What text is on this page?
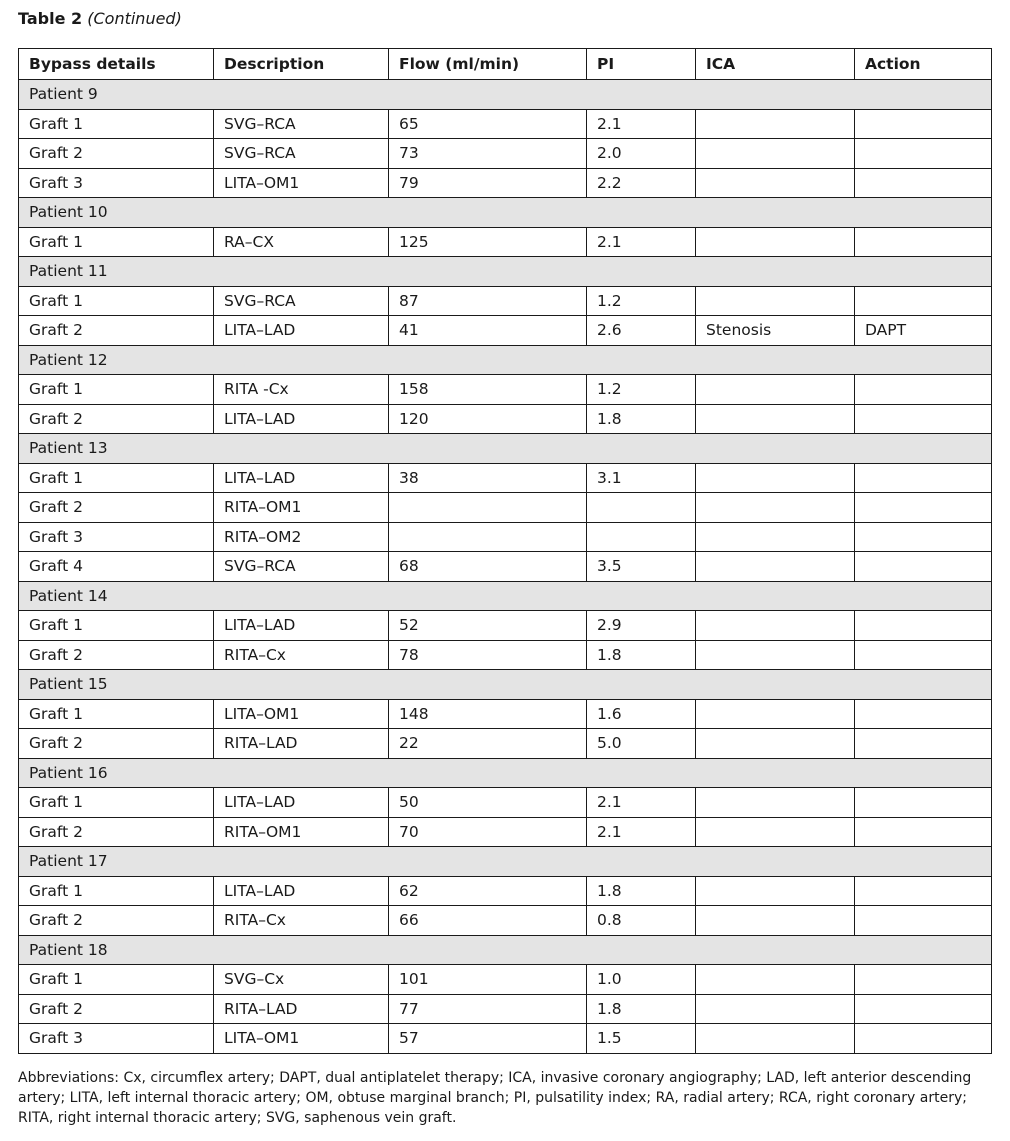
Table 2 (Continued)
Bypass details	Description	Flow (ml/min)	PI	ICA	Action
Patient 9					
Graft 1	SVG–RCA	65	2.1		
Graft 2	SVG–RCA	73	2.0		
Graft 3	LITA–OM1	79	2.2		
Patient 10					
Graft 1	RA–CX	125	2.1		
Patient 11					
Graft 1	SVG–RCA	87	1.2		
Graft 2	LITA–LAD	41	2.6	Stenosis	DAPT
Patient 12					
Graft 1	RITA -Cx	158	1.2		
Graft 2	LITA–LAD	120	1.8		
Patient 13					
Graft 1	LITA–LAD	38	3.1		
Graft 2	RITA–OM1				
Graft 3	RITA–OM2				
Graft 4	SVG–RCA	68	3.5		
Patient 14					
Graft 1	LITA–LAD	52	2.9		
Graft 2	RITA–Cx	78	1.8		
Patient 15					
Graft 1	LITA–OM1	148	1.6		
Graft 2	RITA–LAD	22	5.0		
Patient 16					
Graft 1	LITA–LAD	50	2.1		
Graft 2	RITA–OM1	70	2.1		
Patient 17					
Graft 1	LITA–LAD	62	1.8		
Graft 2	RITA–Cx	66	0.8		
Patient 18					
Graft 1	SVG–Cx	101	1.0		
Graft 2	RITA–LAD	77	1.8		
Graft 3	LITA–OM1	57	1.5		
Abbreviations: Cx, circumflex artery; DAPT, dual antiplatelet therapy; ICA, invasive coronary angiography; LAD, left anterior descending artery; LITA, left internal thoracic artery; OM, obtuse marginal branch; PI, pulsatility index; RA, radial artery; RCA, right coronary artery; RITA, right internal thoracic artery; SVG, saphenous vein graft.
